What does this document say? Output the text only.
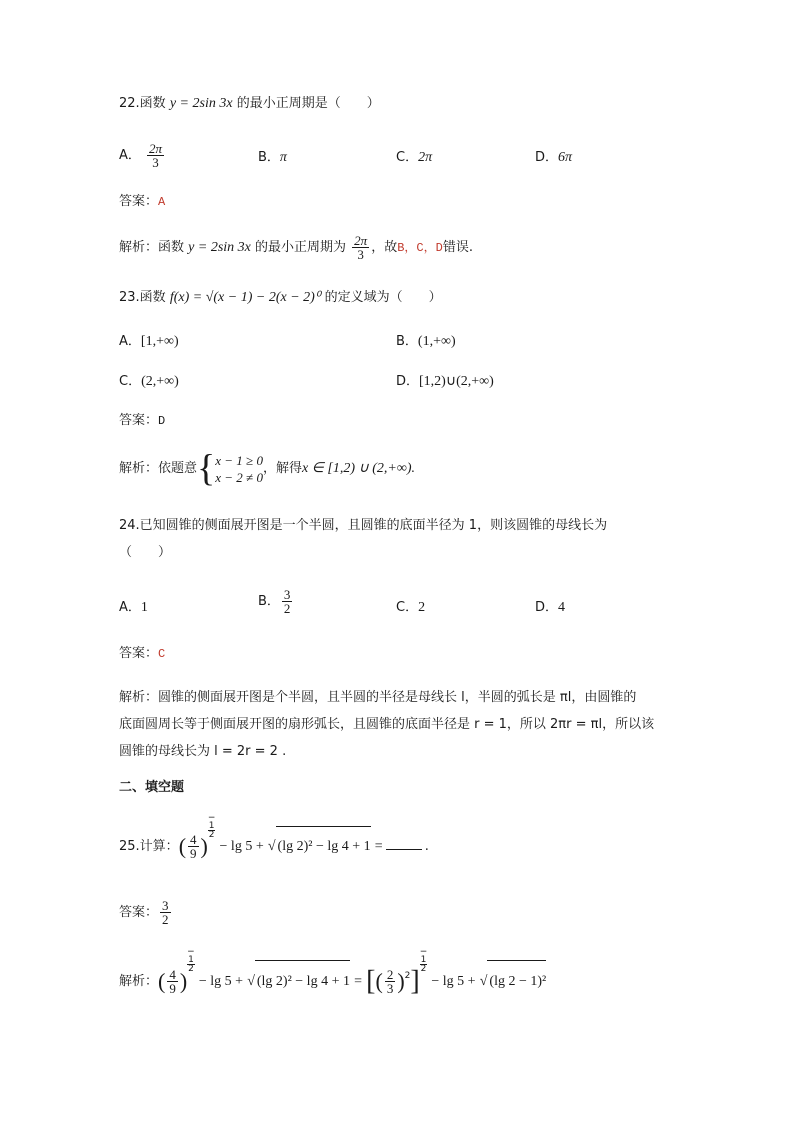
22.函数 y = 2sin 3x 的最小正周期是（　　）
A． $\frac{2\pi}{3}$	B．π	C．2π	D．6π
答案：A
解析：函数 y = 2sin 3x 的最小正周期为 $\frac{2\pi}{3}$ ，故B，C，D错误.
23.函数 f(x) = √(x − 1) − 2(x − 2)⁰ 的定义域为（　　）
A．[1,+∞)	B．(1,+∞)
C．(2,+∞)	D．[1,2)∪(2,+∞)
答案：D
解析：依题意{ x − 1 ≥ 0
x − 2 ≠ 0
，解得x ∈ [1,2) ∪ (2,+∞).
24.已知圆锥的侧面展开图是一个半圆，且圆锥的底面半径为 1，则该圆锥的母线长为
（　　）
A．1	B． $\frac{3}{2}$	C．2	D．4
答案：C
解析：圆锥的侧面展开图是个半圆，且半圆的半径是母线长 l，半圆的弧长是 πl，由圆锥的
底面圆周长等于侧面展开图的扇形弧长，且圆锥的底面半径是 r = 1，所以 2πr = πl，所以该
圆锥的母线长为 l = 2r = 2 .
二、填空题
25.计算：( $\frac{4}{9}$ )
−
1
2
− lg 5 + √ (lg 2)² − lg 4 + 1 =	.
答案： $\frac{3}{2}$
解析：( $\frac{4}{9}$ )
−
1
2
− lg 5 + √ (lg 2)² − lg 4 + 1 = [( $\frac{2}{3} )^2$]
−
1
2
− lg 5 + √ (lg 2 − 1)²
